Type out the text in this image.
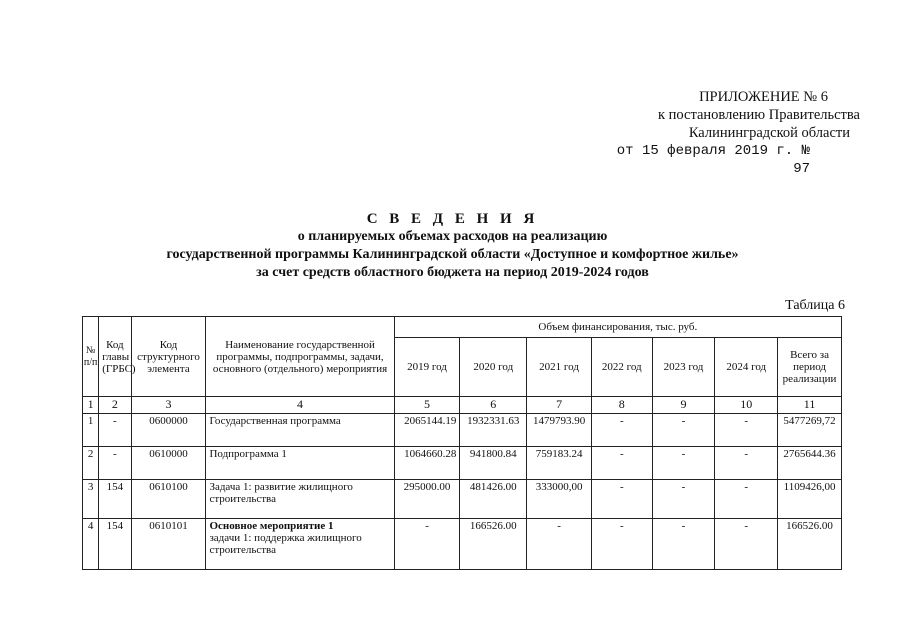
ПРИЛОЖЕНИЕ № 6
к постановлению Правительства
Калининградской области
от 15 февраля 2019 г. № 97
С В Е Д Е Н И Я
о планируемых объемах расходов на реализацию
государственной программы Калининградской области «Доступное и комфортное жилье»
за счет средств областного бюджета на период 2019-2024 годов
Таблица 6
№ п/п	Код главы (ГРБС)	Код структурного элемента	Наименование государственной программы, подпрограммы, задачи, основного (отдельного) мероприятия	Объем финансирования, тыс. руб.						
				2019 год	2020 год	2021 год	2022 год	2023 год	2024 год	Всего за период реализации
1	2	3	4	5	6	7	8	9	10	11
1	-	0600000	Государственная программа	2065144.19	1932331.63	1479793.90	-	-	-	5477269,72
2	-	0610000	Подпрограмма 1	1064660.28	941800.84	759183.24	-	-	-	2765644.36
3	154	0610100	Задача 1: развитие жилищного строительства	295000.00	481426.00	333000,00	-	-	-	1109426,00
4	154	0610101	Основное мероприятие 1
задачи 1: поддержка жилищного строительства	-	166526.00	-	-	-	-	166526.00
